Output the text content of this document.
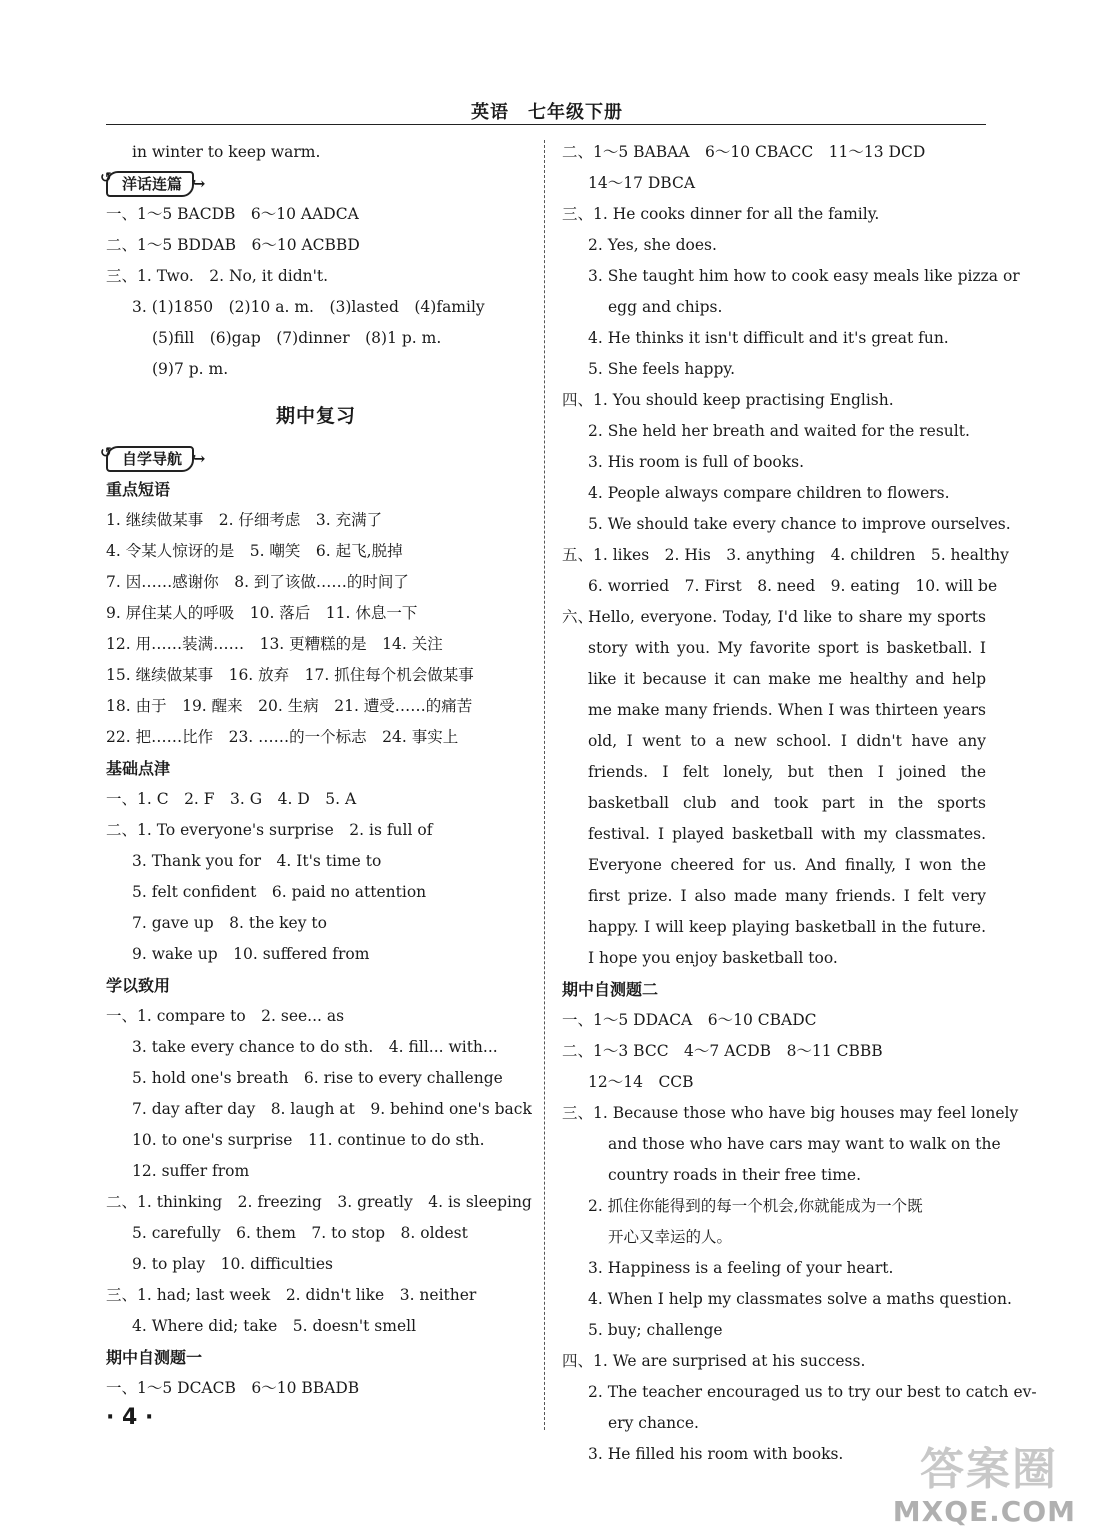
英语　七年级下册
in winter to keep warm.
↺ 洋话连篇 ↪
一、1～5 BACDB　6～10 AADCA
二、1～5 BDDAB　6～10 ACBBD
三、1. Two.　2. No, it didn't.
3. (1)1850　(2)10 a. m.　(3)lasted　(4)family
(5)fill　(6)gap　(7)dinner　(8)1 p. m.
(9)7 p. m.
期中复习
↺ 自学导航 ↪
重点短语
1. 继续做某事　2. 仔细考虑　3. 充满了
4. 令某人惊讶的是　5. 嘲笑　6. 起飞,脱掉
7. 因……感谢你　8. 到了该做……的时间了
9. 屏住某人的呼吸　10. 落后　11. 休息一下
12. 用……装满……　13. 更糟糕的是　14. 关注
15. 继续做某事　16. 放弃　17. 抓住每个机会做某事
18. 由于　19. 醒来　20. 生病　21. 遭受……的痛苦
22. 把……比作　23. ……的一个标志　24. 事实上
基础点津
一、1. C　2. F　3. G　4. D　5. A
二、1. To everyone's surprise　2. is full of
3. Thank you for　4. It's time to
5. felt confident　6. paid no attention
7. gave up　8. the key to
9. wake up　10. suffered from
学以致用
一、1. compare to　2. see... as
3. take every chance to do sth.　4. fill... with...
5. hold one's breath　6. rise to every challenge
7. day after day　8. laugh at　9. behind one's back
10. to one's surprise　11. continue to do sth.
12. suffer from
二、1. thinking　2. freezing　3. greatly　4. is sleeping
5. carefully　6. them　7. to stop　8. oldest
9. to play　10. difficulties
三、1. had; last week　2. didn't like　3. neither
4. Where did; take　5. doesn't smell
期中自测题一
一、1～5 DCACB　6～10 BBADB
二、1～5 BABAA　6～10 CBACC　11～13 DCD
14～17 DBCA
三、1. He cooks dinner for all the family.
2. Yes, she does.
3. She taught him how to cook easy meals like pizza or
egg and chips.
4. He thinks it isn't difficult and it's great fun.
5. She feels happy.
四、1. You should keep practising English.
2. She held her breath and waited for the result.
3. His room is full of books.
4. People always compare children to flowers.
5. We should take every chance to improve ourselves.
五、1. likes　2. His　3. anything　4. children　5. healthy
6. worried　7. First　8. need　9. eating　10. will be
六、
Hello, everyone. Today, I'd like to share my sports story with you. My favorite sport is basketball. I like it because it can make me healthy and help me make many friends. When I was thirteen years old, I went to a new school. I didn't have any friends. I felt lonely, but then I joined the basketball club and took part in the sports festival. I played basketball with my classmates. Everyone cheered for us. And finally, I won the first prize. I also made many friends. I felt very happy. I will keep playing basketball in the future. I hope you enjoy basketball too.
期中自测题二
一、1～5 DDACA　6～10 CBADC
二、1～3 BCC　4～7 ACDB　8～11 CBBB
12～14　CCB
三、1. Because those who have big houses may feel lonely
and those who have cars may want to walk on the
country roads in their free time.
2. 抓住你能得到的每一个机会,你就能成为一个既
开心又幸运的人。
3. Happiness is a feeling of your heart.
4. When I help my classmates solve a maths question.
5. buy; challenge
四、1. We are surprised at his success.
2. The teacher encouraged us to try our best to catch ev-
ery chance.
3. He filled his room with books.
· 4 ·
答案圈
MXQE.COM
